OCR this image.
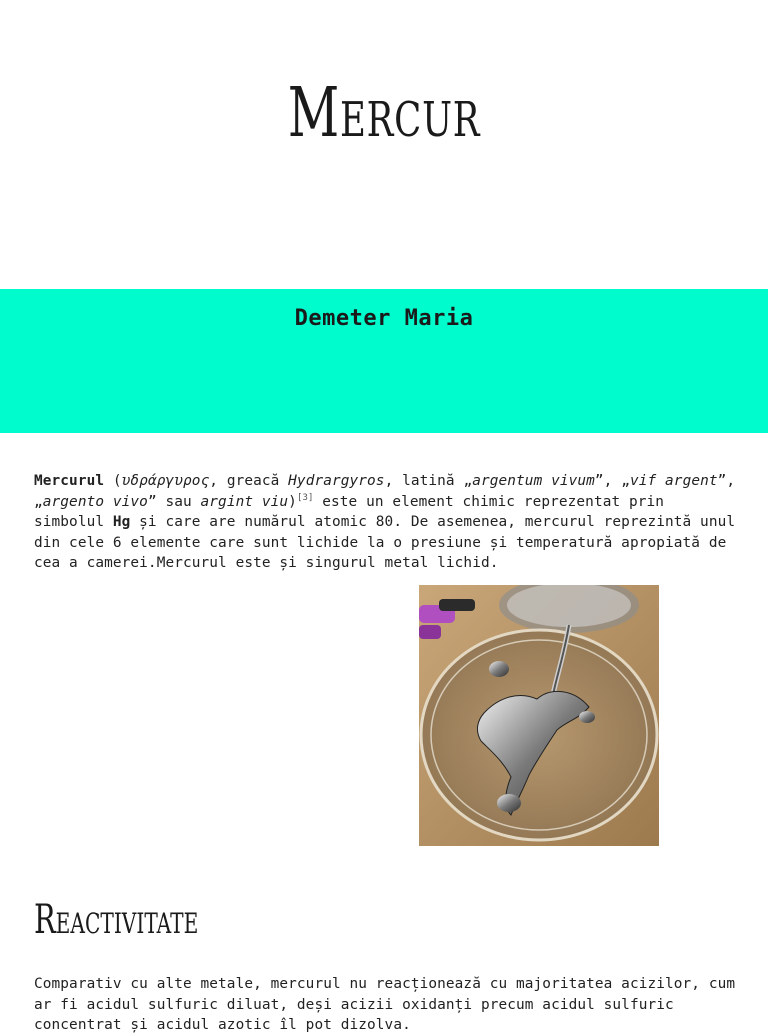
Mercur
Demeter Maria

Mercurul (υδράργυρος, greacă Hydrargyros, latină „argentum vivum”, „vif argent”, „argento vivo” sau argint viu)[3] este un element chimic reprezentat prin simbolul Hg și care are numărul atomic 80. De asemenea, mercurul reprezintă unul din cele 6 elemente care sunt lichide la o presiune și temperatură apropiată de cea a camerei.Mercurul este și singurul metal lichid.

Reactivitate

Comparativ cu alte metale, mercurul nu reacționează cu majoritatea acizilor, cum ar fi acidul sulfuric diluat, deși acizii oxidanți precum acidul sulfuric concentrat și acidul azotic îl pot dizolva.
